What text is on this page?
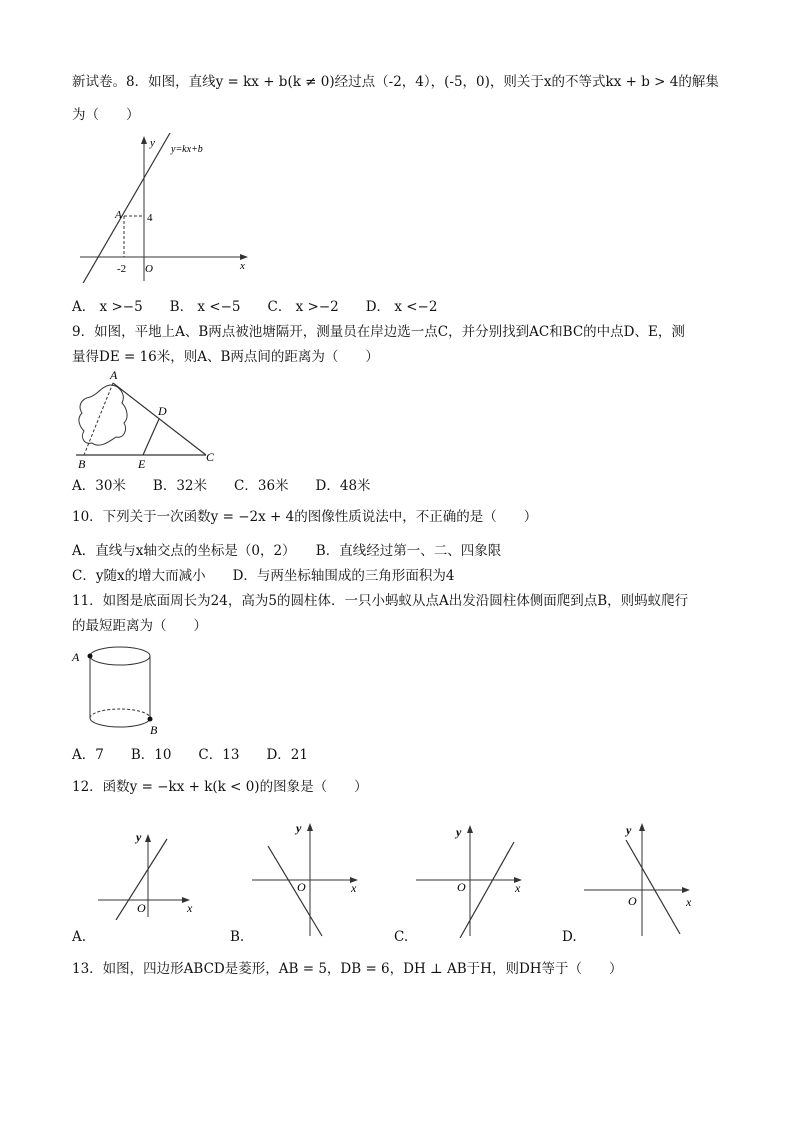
新试卷。8．如图，直线y = kx + b(k ≠ 0)经过点（-2，4），(-5，0)，则关于x的不等式kx + b > 4的解集
为（　　）
y=kx+b
y
x
A 4
-2 O
A． x >−5　　B． x <−5　　C． x >−2　　D． x <−2
9．如图，平地上A、B两点被池塘隔开，测量员在岸边选一点C，并分别找到AC和BC的中点D、E，测
量得DE = 16米，则A、B两点间的距离为（　　）
A
B	C
D
E
A．30米　　B．32米　　C．36米　　D．48米
10．下列关于一次函数y = −2x + 4的图像性质说法中，不正确的是（　　）
A．直线与x轴交点的坐标是（0，2）　　B．直线经过第一、二、四象限
C．y随x的增大而减小　　D．与两坐标轴围成的三角形面积为4
11．如图是底面周长为24，高为5的圆柱体．一只小蚂蚁从点A出发沿圆柱体侧面爬到点B，则蚂蚁爬行
的最短距离为（　　）
A
B
A．7　　B．10　　C．13　　D．21
12．函数y = −kx + k(k < 0)的图象是（　　）
y
x
O
A.
y
x
O
B.
y
x
O
C.
y
x
O
D.
13．如图，四边形ABCD是菱形，AB = 5，DB = 6，DH ⊥ AB于H，则DH等于（　　）
